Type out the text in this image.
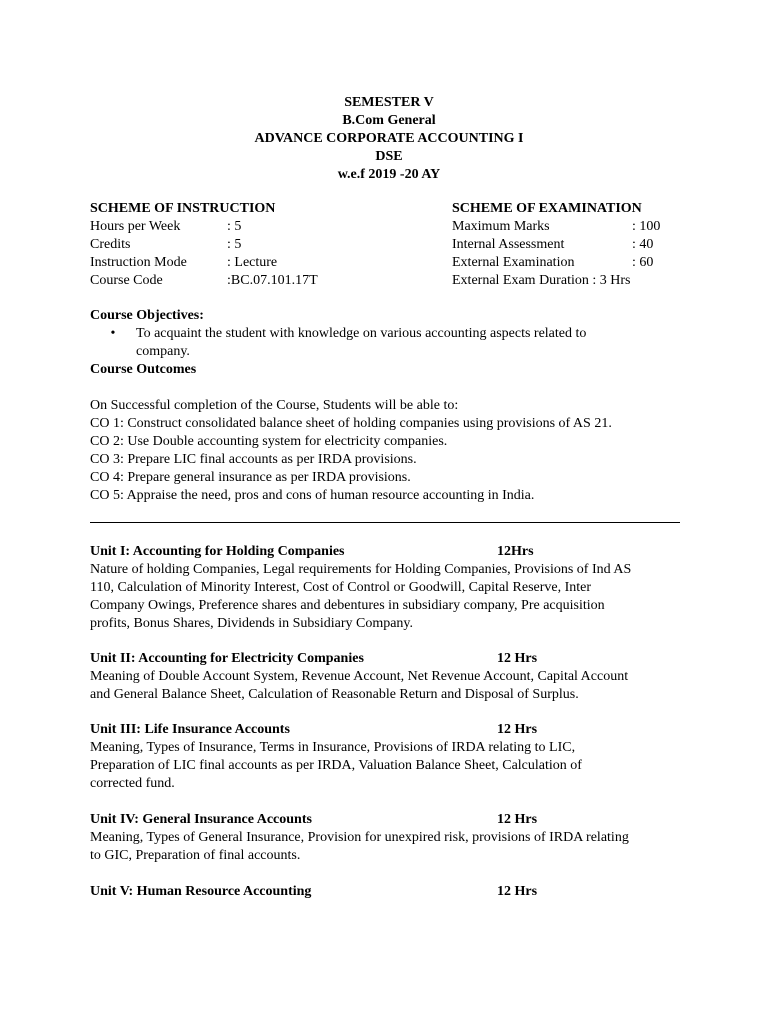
SEMESTER V
B.Com General
ADVANCE CORPORATE ACCOUNTING I
DSE
w.e.f 2019 -20 AY
SCHEME OF INSTRUCTION
Hours per Week	: 5
Credits	: 5
Instruction Mode	: Lecture
Course Code	:BC.07.101.17T
SCHEME OF EXAMINATION
Maximum Marks	: 100
Internal Assessment	: 40
External Examination	: 60
External Exam Duration : 3 Hrs
Course Objectives:
•	To acquaint the student with knowledge on various accounting aspects related to
company.
Course Outcomes
On Successful completion of the Course, Students will be able to:
CO 1: Construct consolidated balance sheet of holding companies using provisions of AS 21.
CO 2: Use Double accounting system for electricity companies.
CO 3: Prepare LIC final accounts as per IRDA provisions.
CO 4: Prepare general insurance as per IRDA provisions.
CO 5: Appraise the need, pros and cons of human resource accounting in India.
Unit I: Accounting for Holding Companies	12Hrs
Nature of holding Companies, Legal requirements for Holding Companies, Provisions of Ind AS
110, Calculation of Minority Interest, Cost of Control or Goodwill, Capital Reserve, Inter
Company Owings, Preference shares and debentures in subsidiary company, Pre acquisition
profits, Bonus Shares, Dividends in Subsidiary Company.
Unit II: Accounting for Electricity Companies	12 Hrs
Meaning of Double Account System, Revenue Account, Net Revenue Account, Capital Account
and General Balance Sheet, Calculation of Reasonable Return and Disposal of Surplus.
Unit III: Life Insurance Accounts	12 Hrs
Meaning, Types of Insurance, Terms in Insurance, Provisions of IRDA relating to LIC,
Preparation of LIC final accounts as per IRDA, Valuation Balance Sheet, Calculation of
corrected fund.
Unit IV: General Insurance Accounts	12 Hrs
Meaning, Types of General Insurance, Provision for unexpired risk, provisions of IRDA relating
to GIC, Preparation of final accounts.
Unit V: Human Resource Accounting	12 Hrs
